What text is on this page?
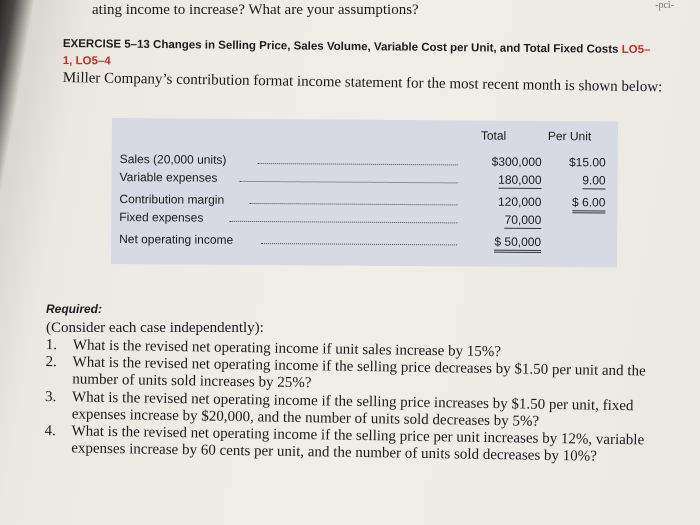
ating income to increase? What are your assumptions?	-pci-
EXERCISE 5–13 Changes in Selling Price, Sales Volume, Variable Cost per Unit, and Total Fixed Costs LO5–1, LO5–4
Miller Company’s contribution format income statement for the most recent month is shown below:
Total	Per Unit
Sales (20,000 units)	$300,000	$15.00
Variable expenses	180,000	9.00
Contribution margin	120,000	$ 6.00
Fixed expenses	70,000
Net operating income	$ 50,000
Required:
(Consider each case independently):
1. What is the revised net operating income if unit sales increase by 15%?
2. What is the revised net operating income if the selling price decreases by $1.50 per unit and the number of units sold increases by 25%?
3. What is the revised net operating income if the selling price increases by $1.50 per unit, fixed expenses increase by $20,000, and the number of units sold decreases by 5%?
4. What is the revised net operating income if the selling price per unit increases by 12%, variable expenses increase by 60 cents per unit, and the number of units sold decreases by 10%?
